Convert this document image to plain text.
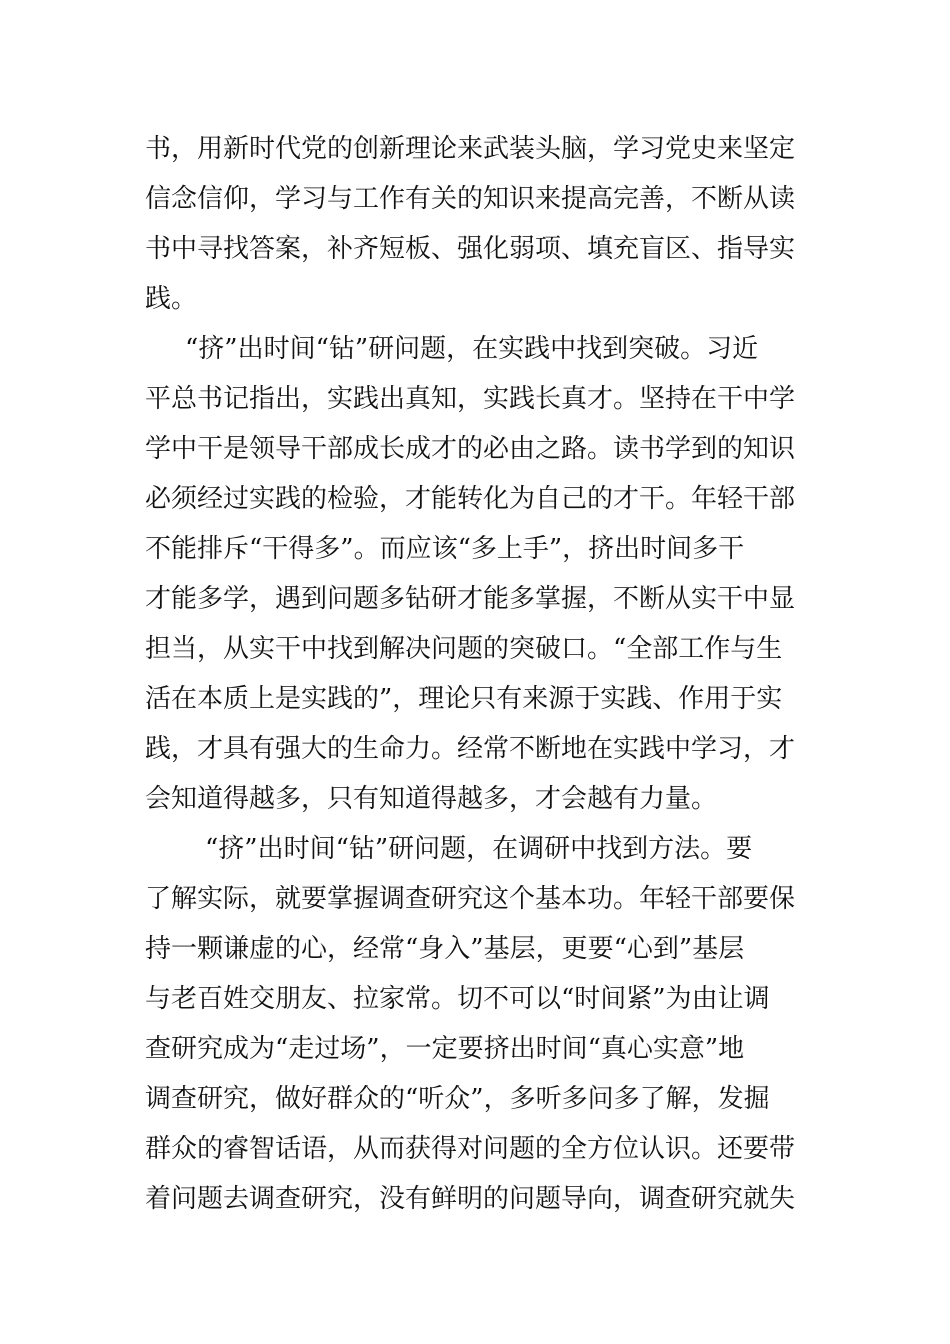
书，用新时代党的创新理论来武装头脑，学习党史来坚定
信念信仰，学习与工作有关的知识来提高完善，不断从读
书中寻找答案，补齐短板、强化弱项、填充盲区、指导实
践。
“挤”出时间“钻”研问题，在实践中找到突破。习近
平总书记指出，实践出真知，实践长真才。坚持在干中学
学中干是领导干部成长成才的必由之路。读书学到的知识
必须经过实践的检验，才能转化为自己的才干。年轻干部
不能排斥“干得多”。而应该“多上手”，挤出时间多干
才能多学，遇到问题多钻研才能多掌握，不断从实干中显
担当，从实干中找到解决问题的突破口。“全部工作与生
活在本质上是实践的”，理论只有来源于实践、作用于实
践，才具有强大的生命力。经常不断地在实践中学习，才
会知道得越多，只有知道得越多，才会越有力量。
“挤”出时间“钻”研问题，在调研中找到方法。要
了解实际，就要掌握调查研究这个基本功。年轻干部要保
持一颗谦虚的心，经常“身入”基层，更要“心到”基层
与老百姓交朋友、拉家常。切不可以“时间紧”为由让调
查研究成为“走过场”，一定要挤出时间“真心实意”地
调查研究，做好群众的“听众”，多听多问多了解，发掘
群众的睿智话语，从而获得对问题的全方位认识。还要带
着问题去调查研究，没有鲜明的问题导向，调查研究就失
